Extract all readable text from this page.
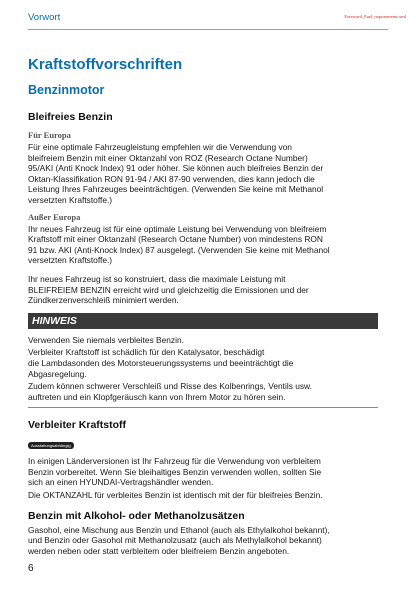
Vorwort	Foreword_Fuel_requirements.xml
Kraftstoffvorschriften
Benzinmotor
Bleifreies Benzin
Für Europa
Für eine optimale Fahrzeugleistung empfehlen wir die Verwendung von
bleifreiem Benzin mit einer Oktanzahl von ROZ (Research Octane Number)
95/AKI (Anti Knock Index) 91 oder höher. Sie können auch bleifreies Benzin der
Oktan-Klassifikation RON 91-94 / AKI 87-90 verwenden, dies kann jedoch die
Leistung Ihres Fahrzeuges beeinträchtigen. (Verwenden Sie keine mit Methanol
versetzten Kraftstoffe.)
Außer Europa
Ihr neues Fahrzeug ist für eine optimale Leistung bei Verwendung von bleifreiem
Kraftstoff mit einer Oktanzahl (Research Octane Number) von mindestens RON
91 bzw. AKI (Anti-Knock Index) 87 ausgelegt. (Verwenden Sie keine mit Methanol
versetzten Kraftstoffe.)
Ihr neues Fahrzeug ist so konstruiert, dass die maximale Leistung mit
BLEIFREIEM BENZIN erreicht wird und gleichzeitig die Emissionen und der
Zündkerzenverschleiß minimiert werden.
HINWEIS
Verwenden Sie niemals verbleites Benzin.
Verbleiter Kraftstoff ist schädlich für den Katalysator, beschädigt
die Lambdasonden des Motorsteuerungssystems und beeinträchtigt die
Abgasregelung.
Zudem können schwerer Verschleiß und Risse des Kolbenrings, Ventils usw.
auftreten und ein Klopfgeräusch kann von Ihrem Motor zu hören sein.
Verbleiter Kraftstoff
Ausstattungsabhängig
In einigen Länderversionen ist Ihr Fahrzeug für die Verwendung von verbleitem
Benzin vorbereitet. Wenn Sie bleihaltiges Benzin verwenden wollen, sollten Sie
sich an einen HYUNDAI-Vertragshändler wenden.
Die OKTANZAHL für verbleites Benzin ist identisch mit der für bleifreies Benzin.
Benzin mit Alkohol- oder Methanolzusätzen
Gasohol, eine Mischung aus Benzin und Ethanol (auch als Ethylalkohol bekannt),
und Benzin oder Gasohol mit Methanolzusatz (auch als Methylalkohol bekannt)
werden neben oder statt verbleitem oder bleifreiem Benzin angeboten.
6
